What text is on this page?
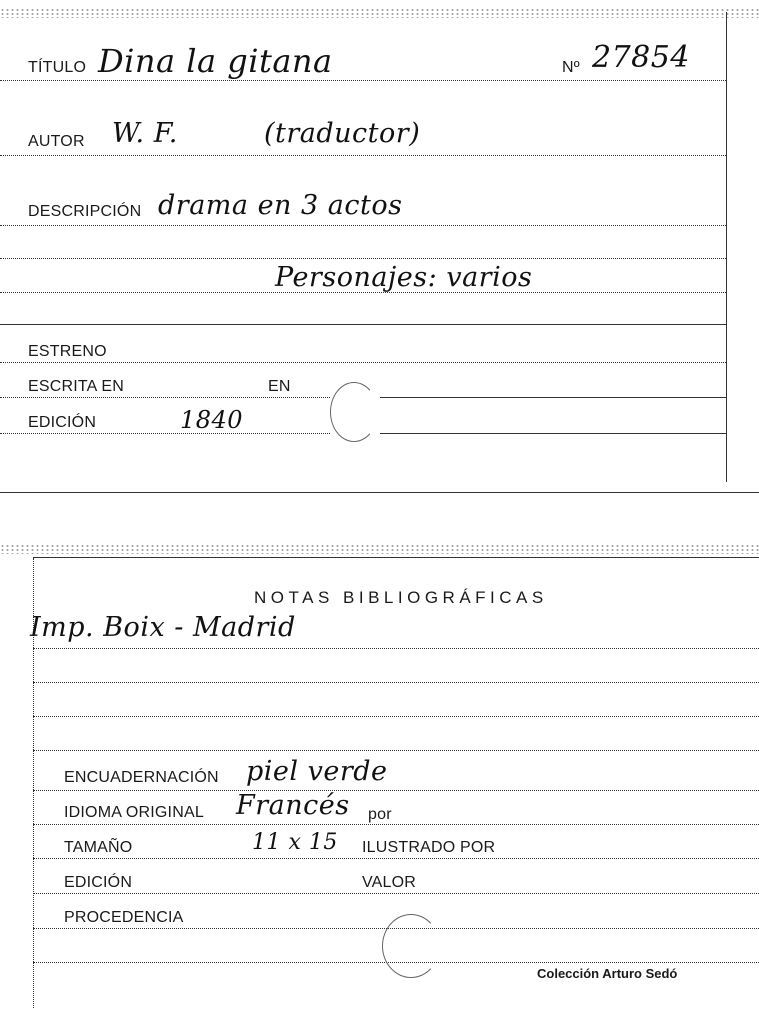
TÍTULO Dina la gitana	Nº 27854
AUTOR W. F.	(traductor)
DESCRIPCIÓN drama en 3 actos
Personajes: varios
ESTRENO
ESCRITA EN	EN
EDICIÓN	1840
NOTAS BIBLIOGRÁFICAS
Imp. Boix - Madrid
ENCUADERNACIÓN piel verde
IDIOMA ORIGINAL Francés por
TAMAÑO	11 x 15 ILUSTRADO POR
EDICIÓN	VALOR
PROCEDENCIA
Colección Arturo Sedó
